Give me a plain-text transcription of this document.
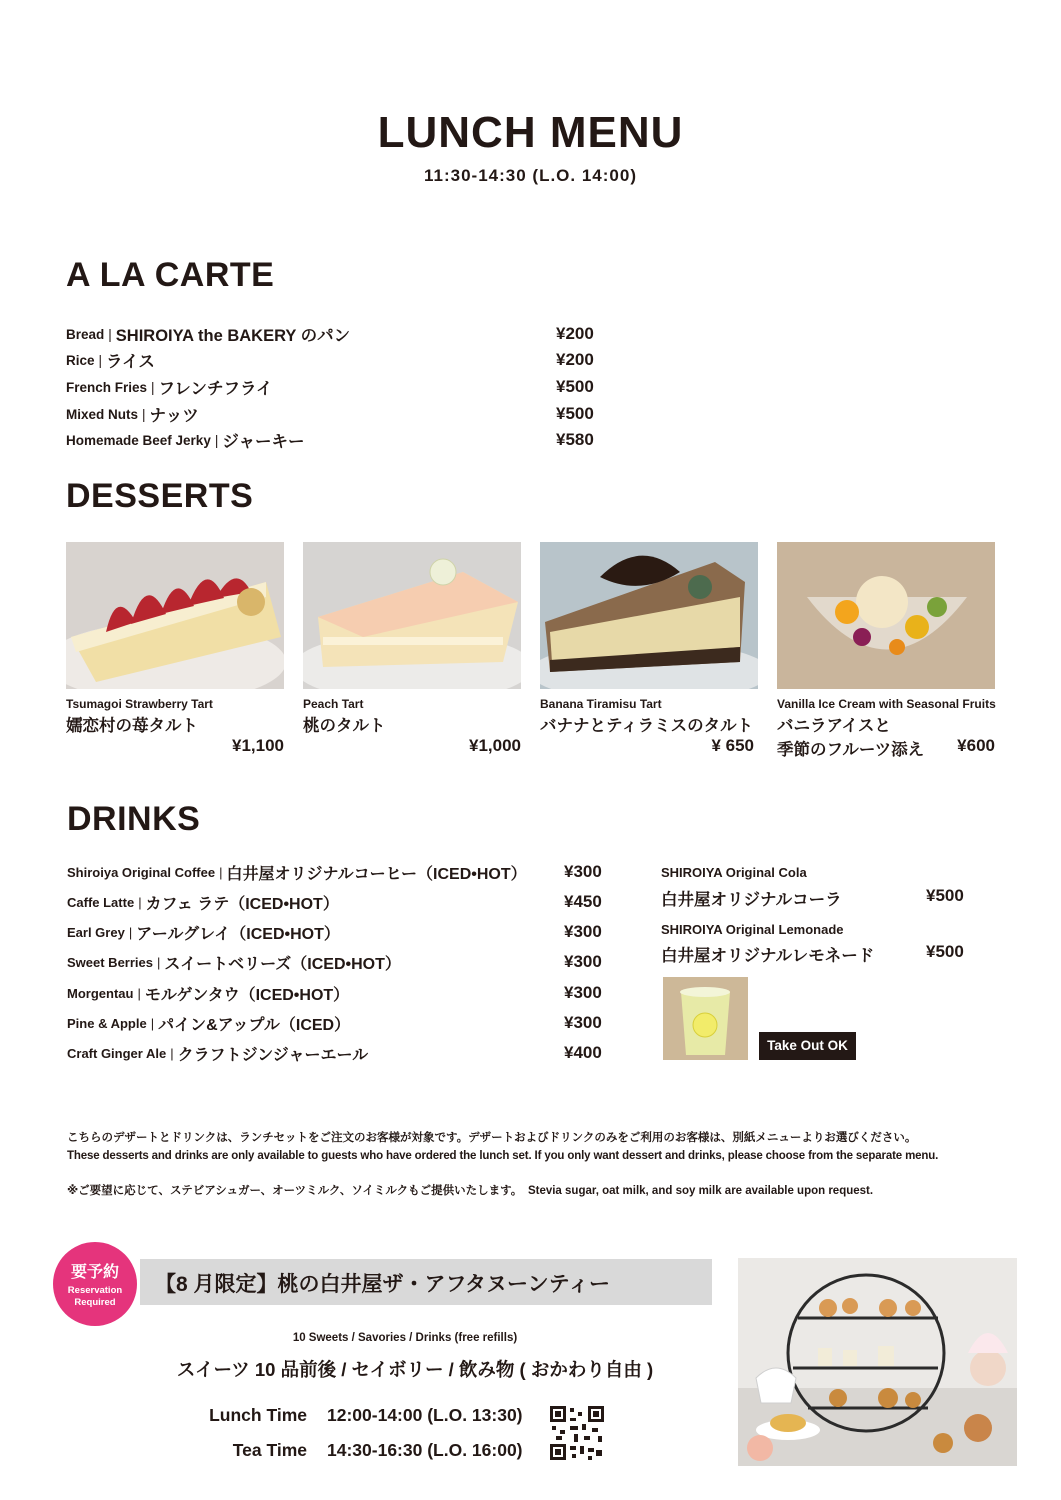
LUNCH MENU
11:30-14:30 (L.O. 14:00)
A LA CARTE
Bread | SHIROIYA the BAKERY のパン	¥200
Rice | ライス	¥200
French Fries | フレンチフライ	¥500
Mixed Nuts | ナッツ	¥500
Homemade Beef Jerky | ジャーキー	¥580
DESSERTS
Tsumagoi Strawberry Tart
嬬恋村の苺タルト
¥1,100
Peach Tart
桃のタルト
¥1,000
Banana Tiramisu Tart
バナナとティラミスのタルト
¥ 650
Vanilla Ice Cream with Seasonal Fruits
バニラアイスと
季節のフルーツ添え	¥600
DRINKS
Shiroiya Original Coffee | 白井屋オリジナルコーヒー（ICED•HOT） ¥300
Caffe Latte | カフェ ラテ（ICED•HOT）	¥450
Earl Grey | アールグレイ（ICED•HOT）	¥300
Sweet Berries | スイートベリーズ（ICED•HOT）	¥300
Morgentau | モルゲンタウ（ICED•HOT）	¥300
Pine & Apple | パイン&アップル（ICED）	¥300
Craft Ginger Ale | クラフトジンジャーエール	¥400
SHIROIYA Original Cola
白井屋オリジナルコーラ	¥500
SHIROIYA Original Lemonade
白井屋オリジナルレモネード	¥500
Take Out OK
こちらのデザートとドリンクは、ランチセットをご注文のお客様が対象です。デザートおよびドリンクのみをご利用のお客様は、別紙メニューよりお選びください。
These desserts and drinks are only available to guests who have ordered the lunch set. If you only want dessert and drinks, please choose from the separate menu.
※ご要望に応じて、ステビアシュガー、オーツミルク、ソイミルクもご提供いたします。　Stevia sugar, oat milk, and soy milk are available upon request.
要予約
Reservation
Required
【8 月限定】桃の白井屋ザ・アフタヌーンティー
10 Sweets / Savories / Drinks (free refills)
スイーツ 10 品前後 / セイボリー / 飲み物 ( おかわり自由 )
Lunch Time 12:00-14:00 (L.O. 13:30)
Tea Time 14:30-16:30 (L.O. 16:00)
